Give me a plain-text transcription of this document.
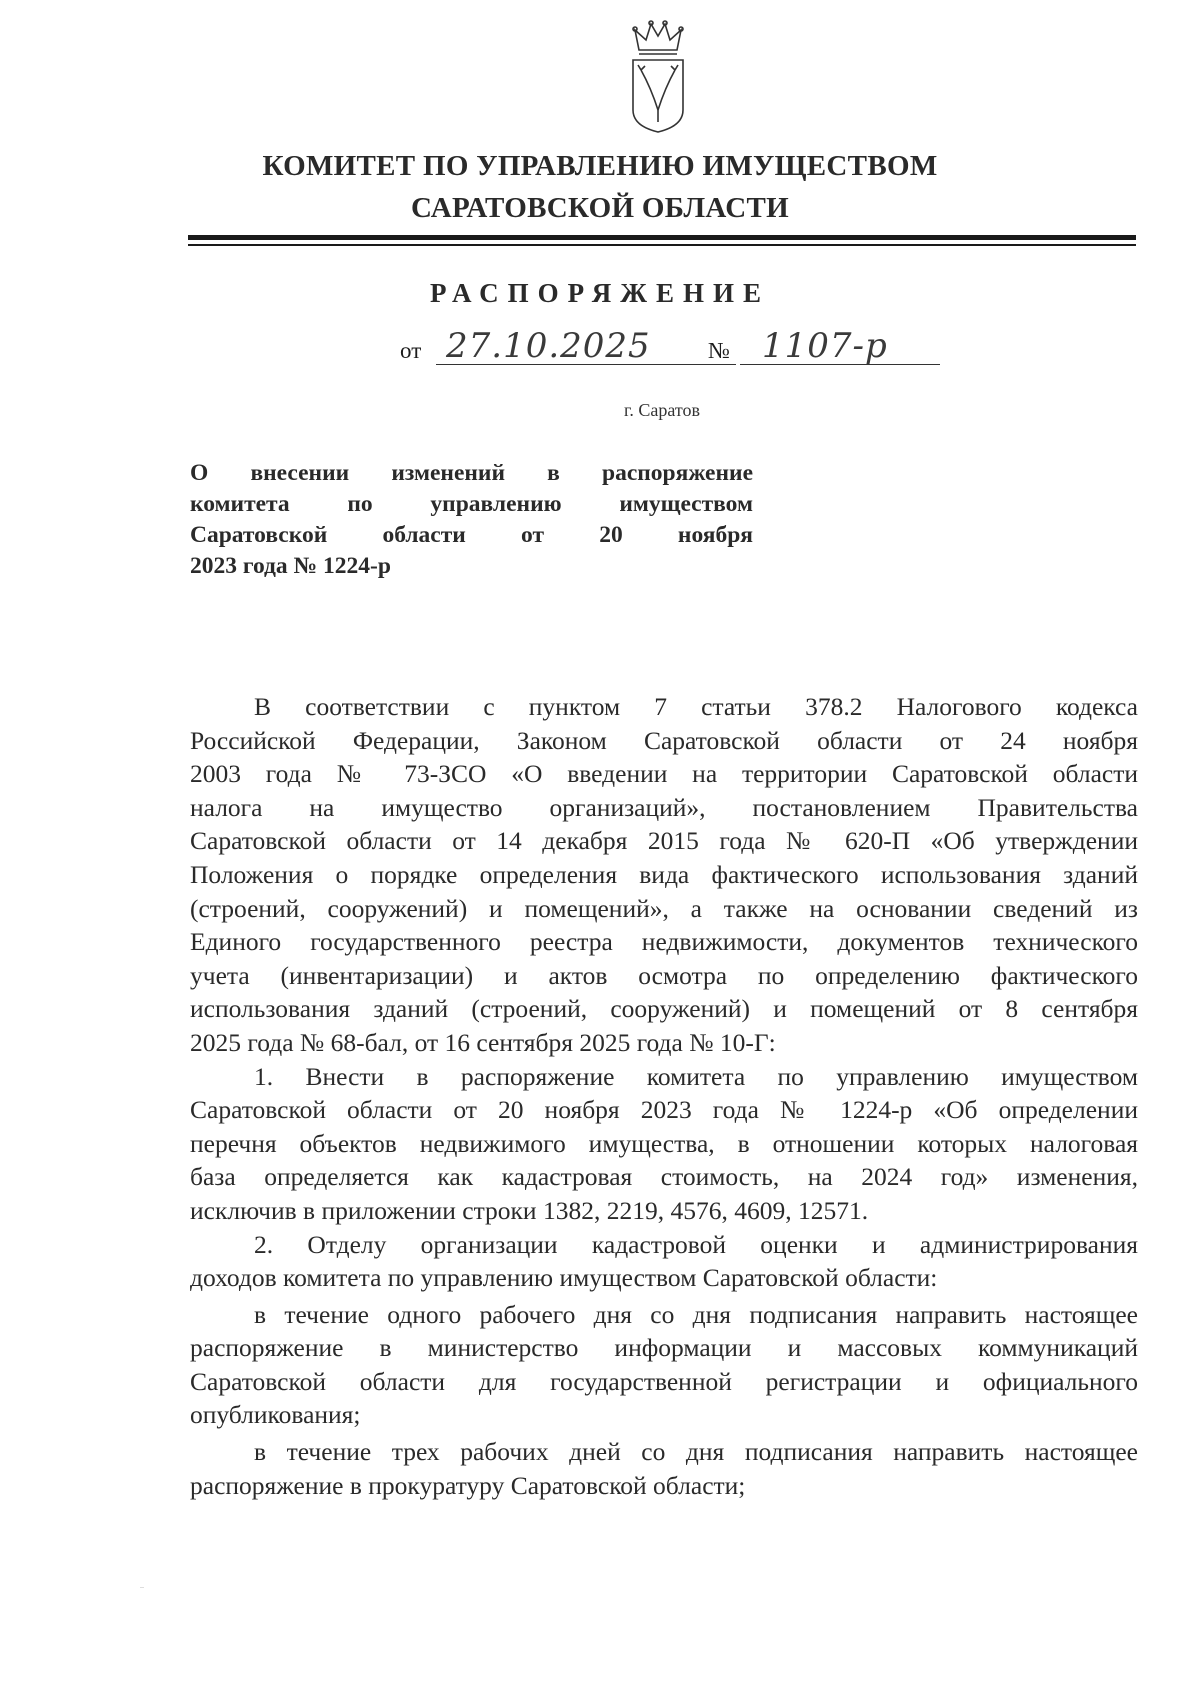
КОМИТЕТ ПО УПРАВЛЕНИЮ ИМУЩЕСТВОМ
САРАТОВСКОЙ ОБЛАСТИ
РАСПОРЯЖЕНИЕ
от 27.10.2025 № 1107-р
г. Саратов
О внесении изменений в распоряжение
комитета по управлению имуществом
Саратовской области от 20 ноября
2023 года № 1224-р
В соответствии с пунктом 7 статьи 378.2 Налогового кодекса
Российской Федерации, Законом Саратовской области от 24 ноября
2003 года № 73-ЗСО «О введении на территории Саратовской области
налога на имущество организаций», постановлением Правительства
Саратовской области от 14 декабря 2015 года № 620-П «Об утверждении
Положения о порядке определения вида фактического использования зданий
(строений, сооружений) и помещений», а также на основании сведений из
Единого государственного реестра недвижимости, документов технического
учета (инвентаризации) и актов осмотра по определению фактического
использования зданий (строений, сооружений) и помещений от 8 сентября
2025 года № 68-бал, от 16 сентября 2025 года № 10-Г:
1. Внести в распоряжение комитета по управлению имуществом
Саратовской области от 20 ноября 2023 года № 1224-р «Об определении
перечня объектов недвижимого имущества, в отношении которых налоговая
база определяется как кадастровая стоимость, на 2024 год» изменения,
исключив в приложении строки 1382, 2219, 4576, 4609, 12571.
2. Отделу организации кадастровой оценки и администрирования
доходов комитета по управлению имуществом Саратовской области:
в течение одного рабочего дня со дня подписания направить настоящее
распоряжение в министерство информации и массовых коммуникаций
Саратовской области для государственной регистрации и официального
опубликования;
в течение трех рабочих дней со дня подписания направить настоящее
распоряжение в прокуратуру Саратовской области;
